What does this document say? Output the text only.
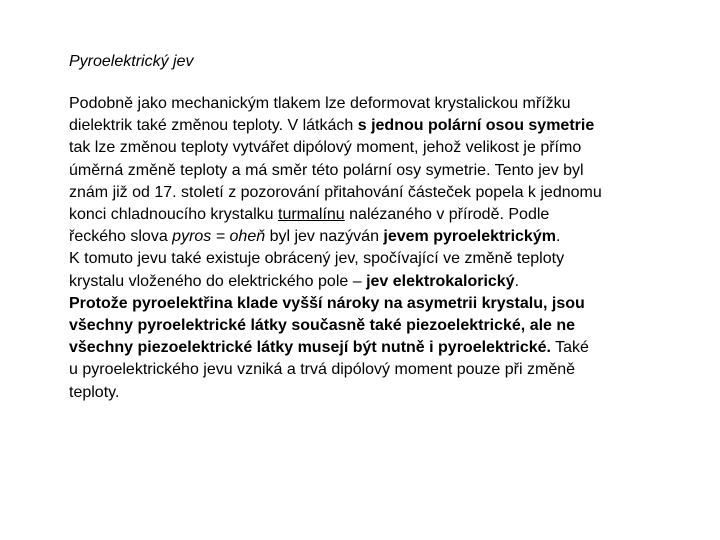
Pyroelektrický jev

Podobně jako mechanickým tlakem lze deformovat krystalickou mřížku
dielektrik také změnou teploty. V látkách s jednou polární osou symetrie
tak lze změnou teploty vytvářet dipólový moment, jehož velikost je přímo
úměrná změně teploty a má směr této polární osy symetrie. Tento jev byl
znám již od 17. století z pozorování přitahování částeček popela k jednomu
konci chladnoucího krystalku turmalínu nalézaného v přírodě. Podle
řeckého slova pyros = oheň byl jev nazýván jevem pyroelektrickým.
K tomuto jevu také existuje obrácený jev, spočívající ve změně teploty
krystalu vloženého do elektrického pole – jev elektrokalorický.

Protože pyroelektřina klade vyšší nároky na asymetrii krystalu, jsou
všechny pyroelektrické látky současně také piezoelektrické, ale ne
všechny piezoelektrické látky musejí být nutně i pyroelektrické. Také
u pyroelektrického jevu vzniká a trvá dipólový moment pouze při změně
teploty.
